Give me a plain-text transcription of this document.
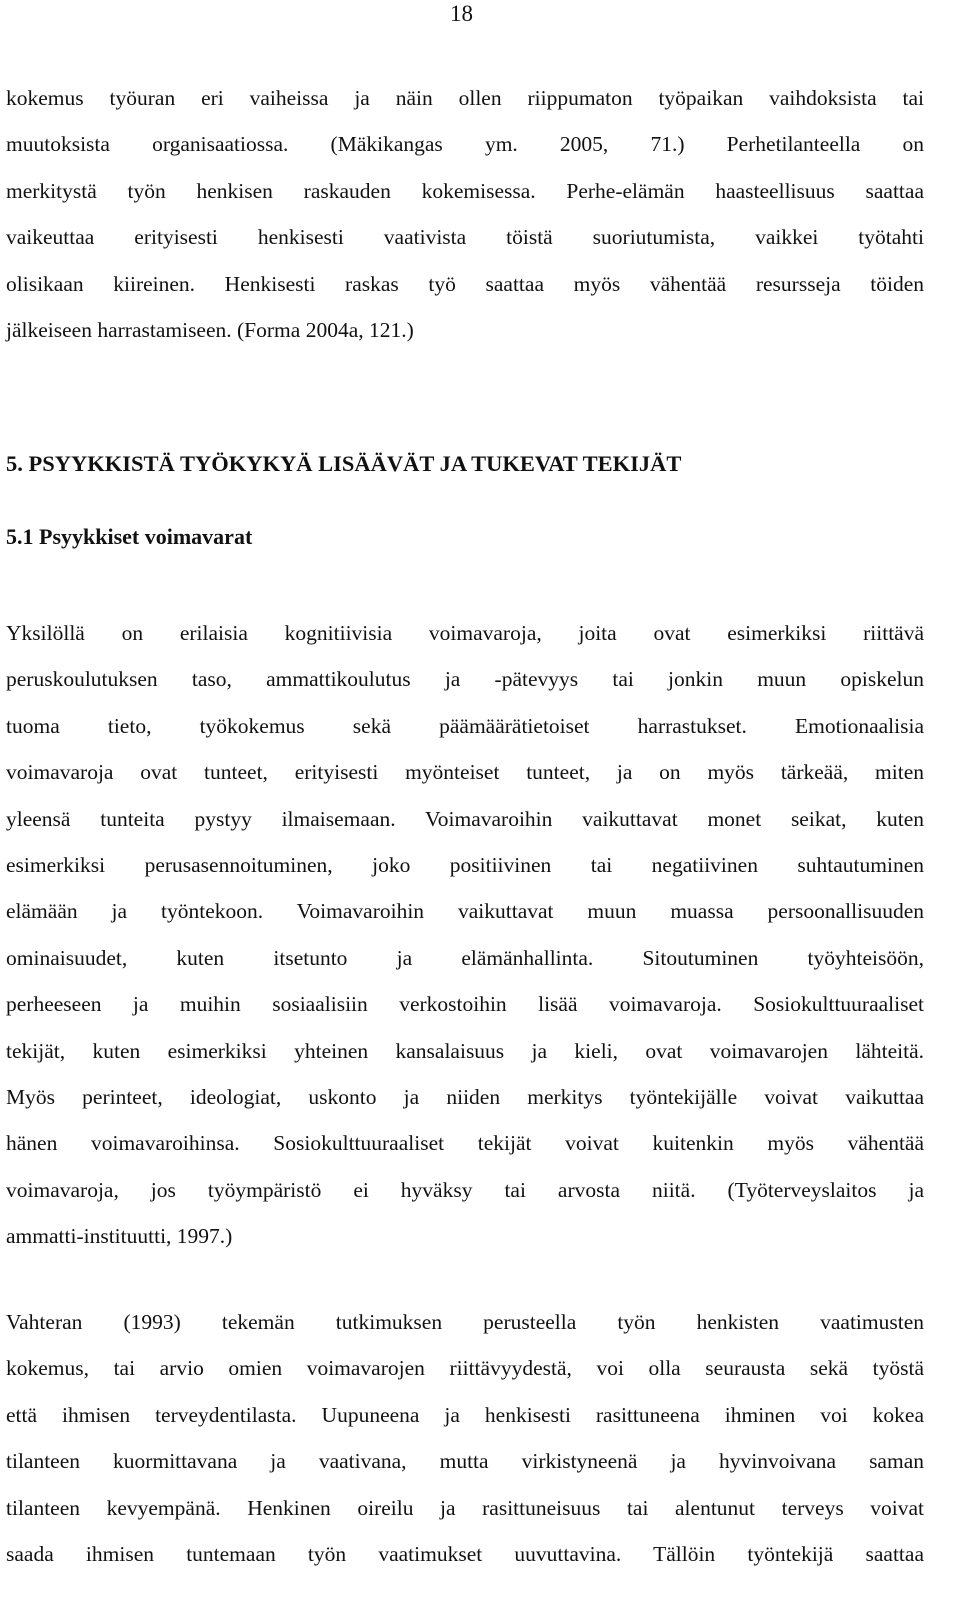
18
kokemus työuran eri vaiheissa ja näin ollen riippumaton työpaikan vaihdoksista tai
muutoksista organisaatiossa. (Mäkikangas ym. 2005, 71.) Perhetilanteella on
merkitystä työn henkisen raskauden kokemisessa. Perhe-elämän haasteellisuus saattaa
vaikeuttaa erityisesti henkisesti vaativista töistä suoriutumista, vaikkei työtahti
olisikaan kiireinen. Henkisesti raskas työ saattaa myös vähentää resursseja töiden
jälkeiseen harrastamiseen. (Forma 2004a, 121.)
5. PSYYKKISTÄ TYÖKYKYÄ LISÄÄVÄT JA TUKEVAT TEKIJÄT
5.1 Psyykkiset voimavarat
Yksilöllä on erilaisia kognitiivisia voimavaroja, joita ovat esimerkiksi riittävä
peruskoulutuksen taso, ammattikoulutus ja -pätevyys tai jonkin muun opiskelun
tuoma tieto, työkokemus sekä päämäärätietoiset harrastukset. Emotionaalisia
voimavaroja ovat tunteet, erityisesti myönteiset tunteet, ja on myös tärkeää, miten
yleensä tunteita pystyy ilmaisemaan. Voimavaroihin vaikuttavat monet seikat, kuten
esimerkiksi perusasennoituminen, joko positiivinen tai negatiivinen suhtautuminen
elämään ja työntekoon. Voimavaroihin vaikuttavat muun muassa persoonallisuuden
ominaisuudet, kuten itsetunto ja elämänhallinta. Sitoutuminen työyhteisöön,
perheeseen ja muihin sosiaalisiin verkostoihin lisää voimavaroja. Sosiokulttuuraaliset
tekijät, kuten esimerkiksi yhteinen kansalaisuus ja kieli, ovat voimavarojen lähteitä.
Myös perinteet, ideologiat, uskonto ja niiden merkitys työntekijälle voivat vaikuttaa
hänen voimavaroihinsa. Sosiokulttuuraaliset tekijät voivat kuitenkin myös vähentää
voimavaroja, jos työympäristö ei hyväksy tai arvosta niitä. (Työterveyslaitos ja
ammatti-instituutti, 1997.)
Vahteran (1993) tekemän tutkimuksen perusteella työn henkisten vaatimusten
kokemus, tai arvio omien voimavarojen riittävyydestä, voi olla seurausta sekä työstä
että ihmisen terveydentilasta. Uupuneena ja henkisesti rasittuneena ihminen voi kokea
tilanteen kuormittavana ja vaativana, mutta virkistyneenä ja hyvinvoivana saman
tilanteen kevyempänä. Henkinen oireilu ja rasittuneisuus tai alentunut terveys voivat
saada ihmisen tuntemaan työn vaatimukset uuvuttavina. Tällöin työntekijä saattaa
